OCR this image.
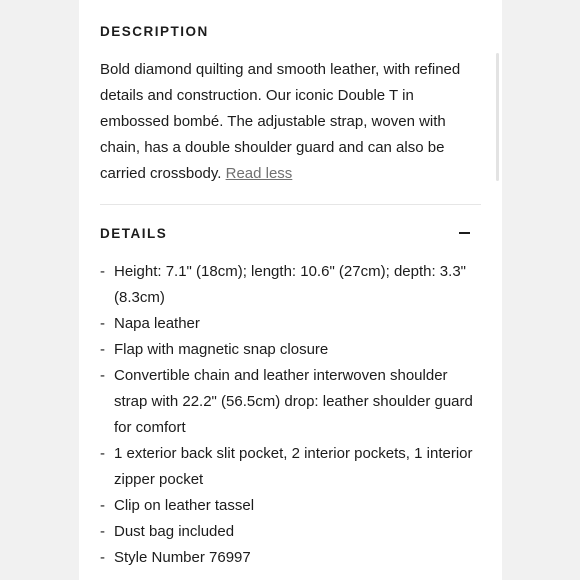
DESCRIPTION

Bold diamond quilting and smooth leather, with refined details and construction. Our iconic Double T in embossed bombé. The adjustable strap, woven with chain, has a double shoulder guard and can also be carried crossbody. Read less

DETAILS
- Height: 7.1" (18cm); length: 10.6" (27cm); depth: 3.3" (8.3cm)
- Napa leather
- Flap with magnetic snap closure
- Convertible chain and leather interwoven shoulder strap with 22.2" (56.5cm) drop: leather shoulder guard for comfort
- 1 exterior back slit pocket, 2 interior pockets, 1 interior zipper pocket
- Clip on leather tassel
- Dust bag included
- Style Number 76997
